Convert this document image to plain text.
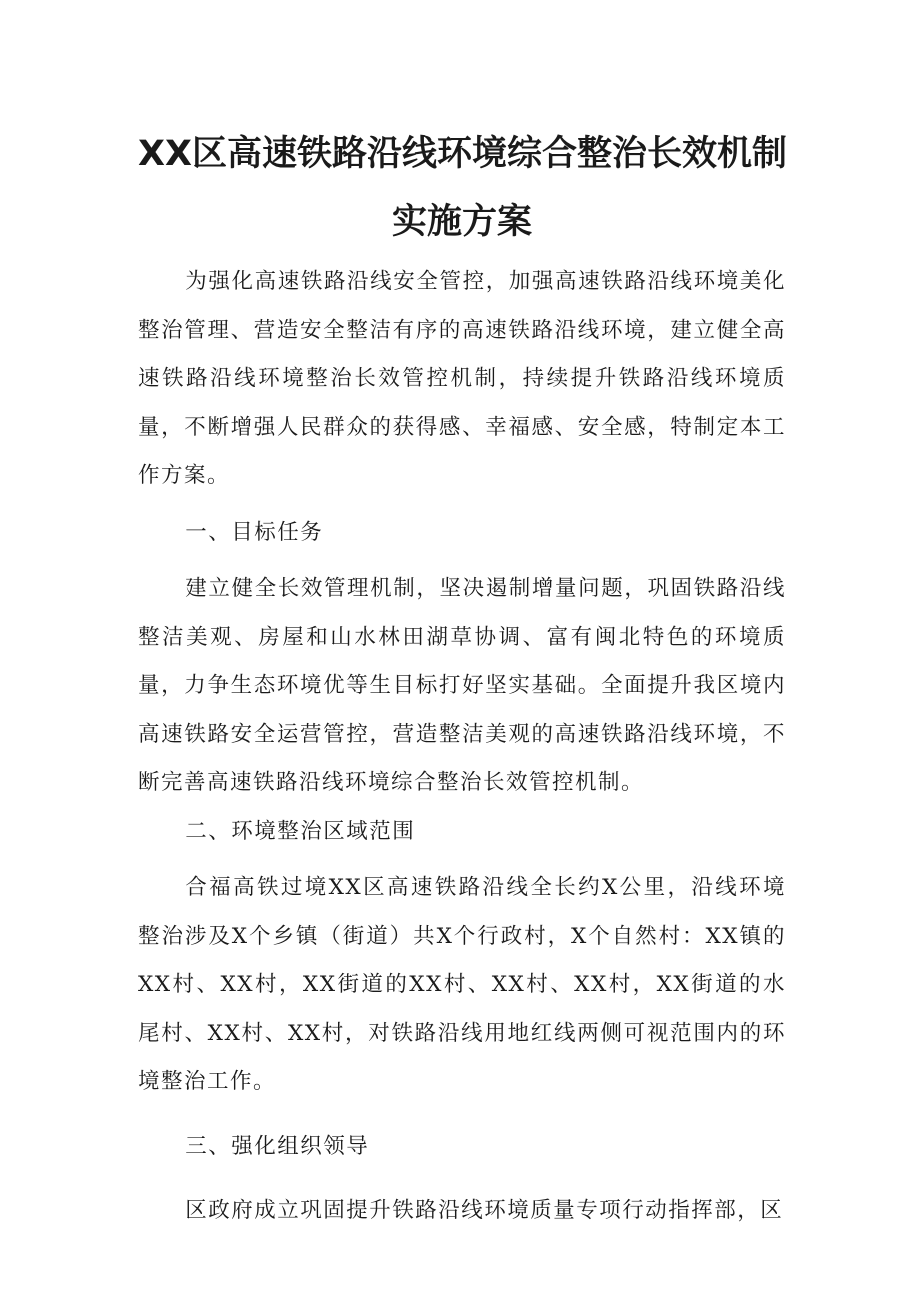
XX区高速铁路沿线环境综合整治长效机制
实施方案

为强化高速铁路沿线安全管控，加强高速铁路沿线环境美化整治管理、营造安全整洁有序的高速铁路沿线环境，建立健全高速铁路沿线环境整治长效管控机制，持续提升铁路沿线环境质量，不断增强人民群众的获得感、幸福感、安全感，特制定本工作方案。

一、目标任务

建立健全长效管理机制，坚决遏制增量问题，巩固铁路沿线整洁美观、房屋和山水林田湖草协调、富有闽北特色的环境质量，力争生态环境优等生目标打好坚实基础。全面提升我区境内高速铁路安全运营管控，营造整洁美观的高速铁路沿线环境，不断完善高速铁路沿线环境综合整治长效管控机制。

二、环境整治区域范围

合福高铁过境XX区高速铁路沿线全长约X公里，沿线环境整治涉及X个乡镇（街道）共X个行政村，X个自然村：XX镇的XX村、XX村，XX街道的XX村、XX村、XX村，XX街道的水尾村、XX村、XX村，对铁路沿线用地红线两侧可视范围内的环境整治工作。

三、强化组织领导

区政府成立巩固提升铁路沿线环境质量专项行动指挥部，区
